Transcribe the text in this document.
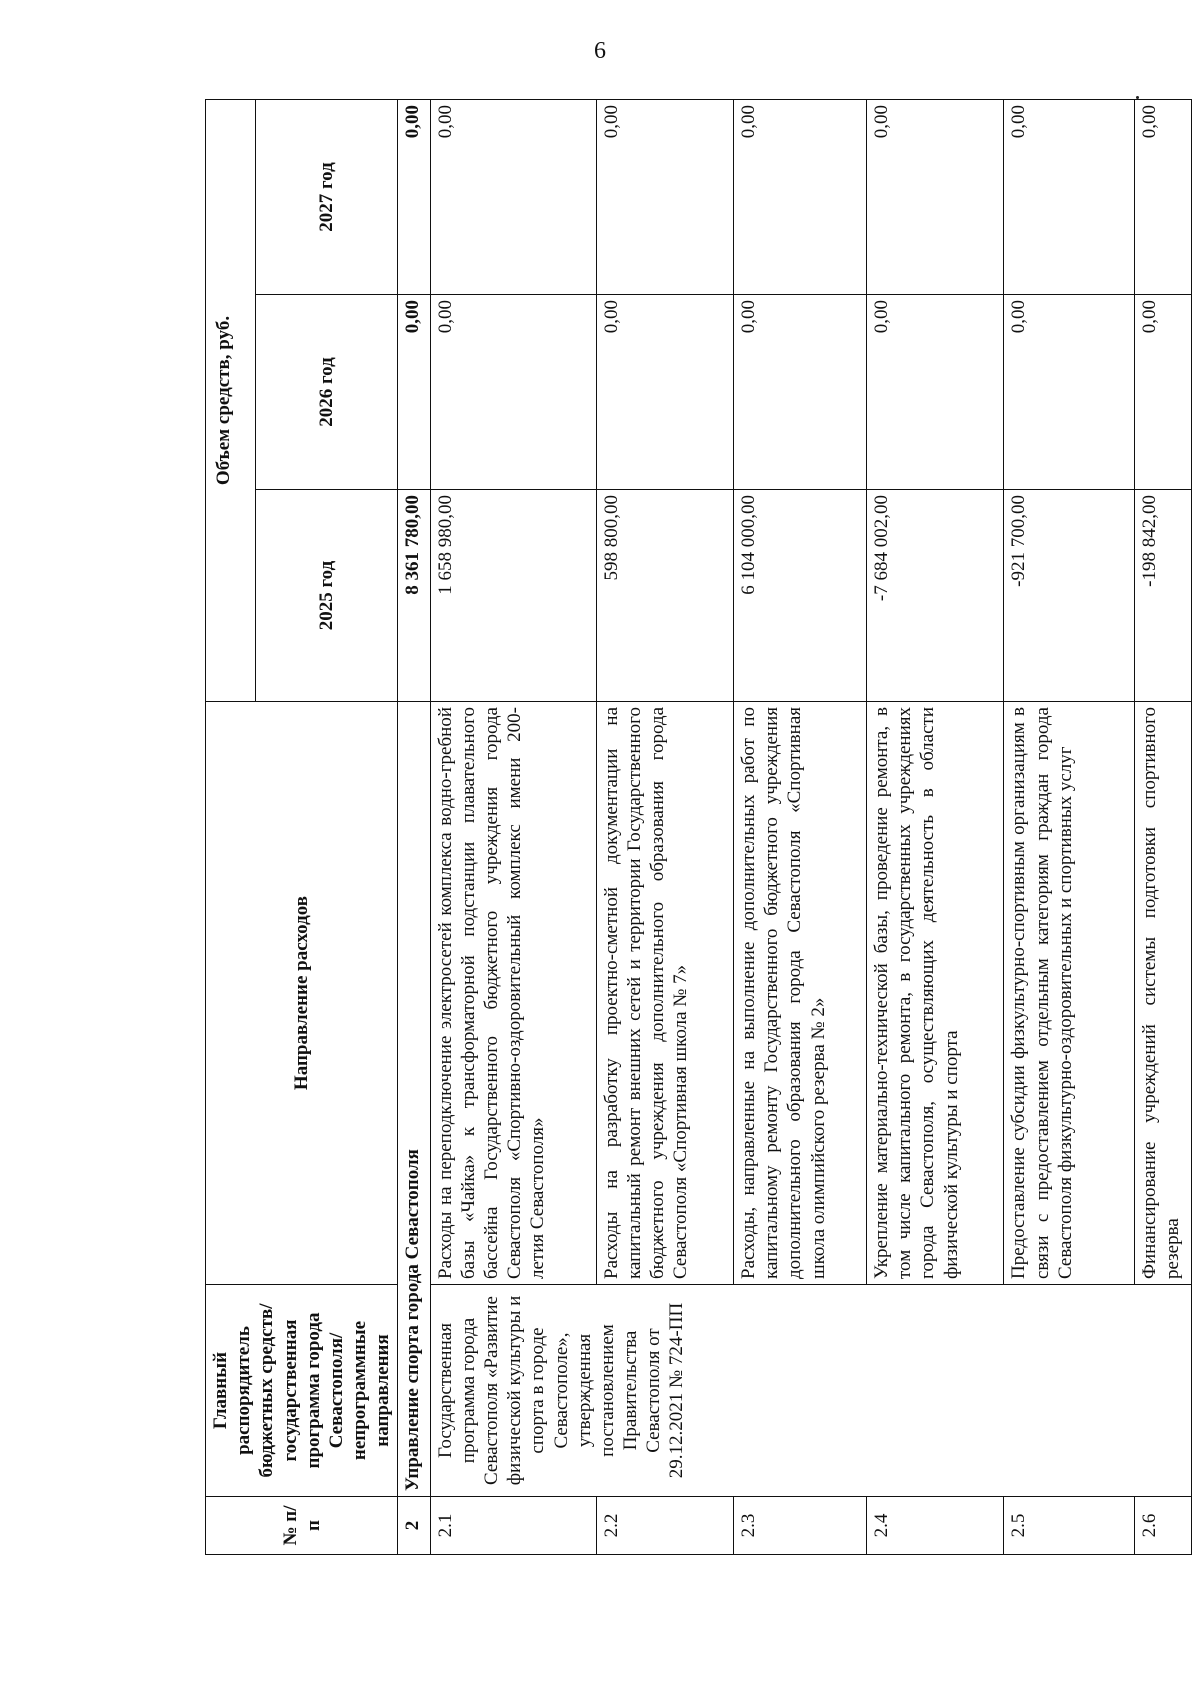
6
№ п/п	Главный распорядитель бюджетных средств/государственная программа города Севастополя/непрограммные направления	Направление расходов	Объем средств, руб.		
			2025 год	2026 год	2027 год
2	Управление спорта города Севастополя		8 361 780,00	0,00	0,00
2.1	Государственная программа города Севастополя «Развитие физической культуры и спорта в городе Севастополе», утвержденная постановлением Правительства Севастополя от 29.12.2021 № 724-ПП	Расходы на переподключение электросетей комплекса водно-гребной базы «Чайка» к трансформаторной подстанции плавательного бассейна Государственного бюджетного учреждения города Севастополя «Спортивно-оздоровительный комплекс имени 200-летия Севастополя»	1 658 980,00	0,00	0,00
2.2		Расходы на разработку проектно-сметной документации на капитальный ремонт внешних сетей и территории Государственного бюджетного учреждения дополнительного образования города Севастополя «Спортивная школа № 7»	598 800,00	0,00	0,00
2.3		Расходы, направленные на выполнение дополнительных работ по капитальному ремонту Государственного бюджетного учреждения дополнительного образования города Севастополя «Спортивная школа олимпийского резерва № 2»	6 104 000,00	0,00	0,00
2.4		Укрепление материально-технической базы, проведение ремонта, в том числе капитального ремонта, в государственных учреждениях города Севастополя, осуществляющих деятельность в области физической культуры и спорта	-7 684 002,00	0,00	0,00
2.5		Предоставление субсидии физкультурно-спортивным организациям в связи с предоставлением отдельным категориям граждан города Севастополя физкультурно-оздоровительных и спортивных услуг	-921 700,00	0,00	0,00
2.6		Финансирование учреждений системы подготовки спортивного резерва	-198 842,00	0,00	0,00
